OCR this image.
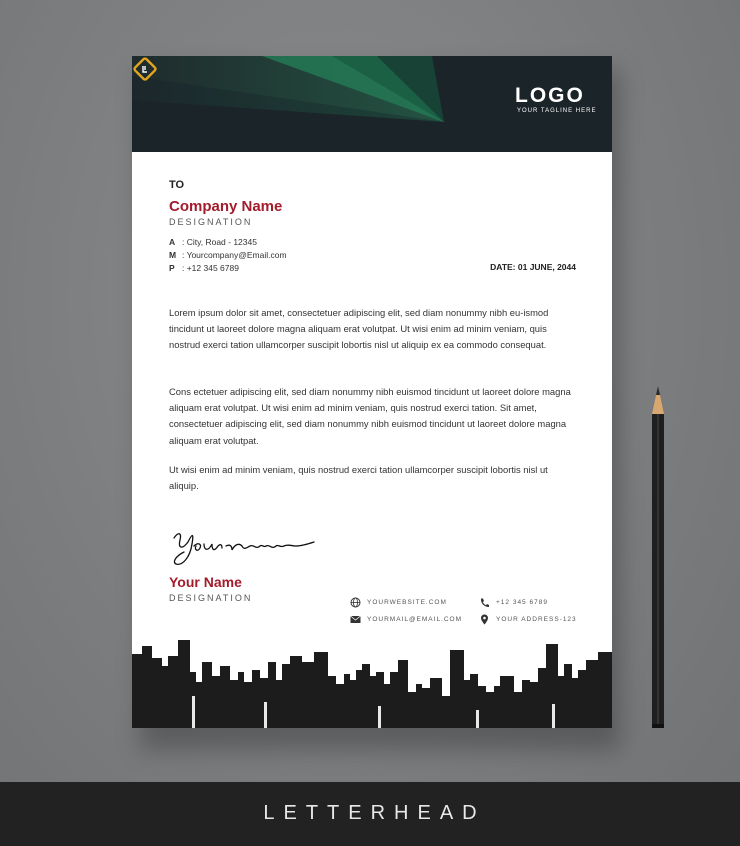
LOGO
YOUR TAGLINE HERE
TO
Company Name
DESIGNATION
A : City, Road - 12345
M : Yourcompany@Email.com
P : +12 345 6789	DATE: 01 JUNE, 2044

Lorem ipsum dolor sit amet, consectetuer adipiscing elit, sed diam nonummy nibh eu-ismod tincidunt ut laoreet dolore magna aliquam erat volutpat. Ut wisi enim ad minim veniam, quis nostrud exerci tation ullamcorper suscipit lobortis nisl ut aliquip ex ea commodo consequat.

Cons ectetuer adipiscing elit, sed diam nonummy nibh euismod tincidunt ut laoreet dolore magna aliquam erat volutpat. Ut wisi enim ad minim veniam, quis nostrud exerci tation. Sit amet, consectetuer adipiscing elit, sed diam nonummy nibh euismod tincidunt ut laoreet dolore magna aliquam erat volutpat.

Ut wisi enim ad minim veniam, quis nostrud exerci tation ullamcorper suscipit lobortis nisl ut aliquip.

Your Name
DESIGNATION	YOURWEBSITE.COM	+12 345 6789
YOURMAIL@EMAIL.COM	YOUR ADDRESS-123
LETTERHEAD
